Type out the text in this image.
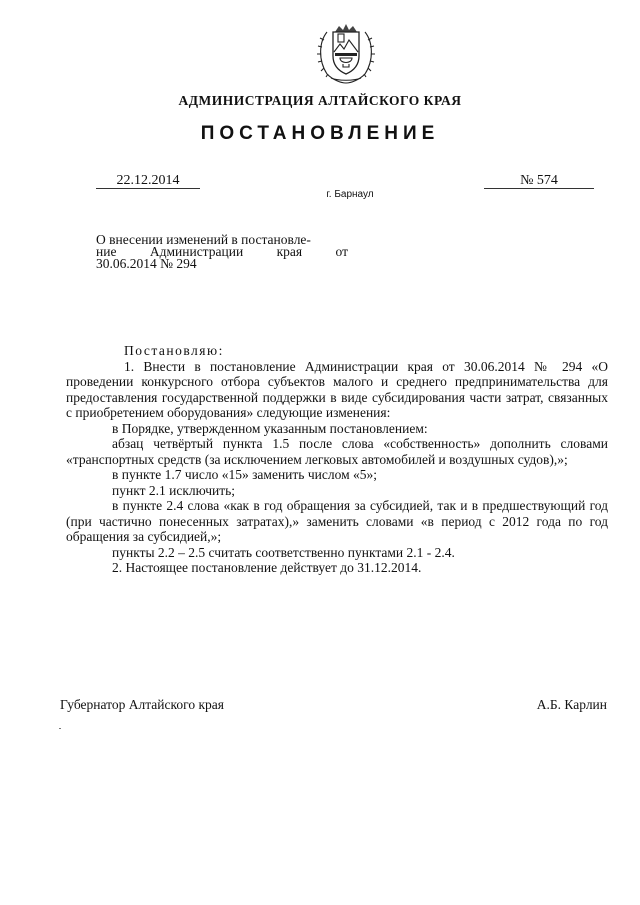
АДМИНИСТРАЦИЯ АЛТАЙСКОГО КРАЯ
ПОСТАНОВЛЕНИЕ
22.12.2014	№ 574
г. Барнаул
О внесении изменений в постановле-
ние Администрации края от
30.06.2014 № 294

Постановляю:

1. Внести в постановление Администрации края от 30.06.2014 № 294 «О проведении конкурсного отбора субъектов малого и среднего предпринимательства для предоставления государственной поддержки в виде субсидирования части затрат, связанных с приобретением оборудования» следующие изменения:

в Порядке, утвержденном указанным постановлением:

абзац четвёртый пункта 1.5 после слова «собственность» дополнить словами «транспортных средств (за исключением легковых автомобилей и воздушных судов),»;

в пункте 1.7 число «15» заменить числом «5»;

пункт 2.1 исключить;

в пункте 2.4 слова «как в год обращения за субсидией, так и в предшествующий год (при частично понесенных затратах),» заменить словами «в период с 2012 года по год обращения за субсидией,»;

пункты 2.2 – 2.5 считать соответственно пунктами 2.1 - 2.4.

2. Настоящее постановление действует до 31.12.2014.

Губернатор Алтайского края	А.Б. Карлин
